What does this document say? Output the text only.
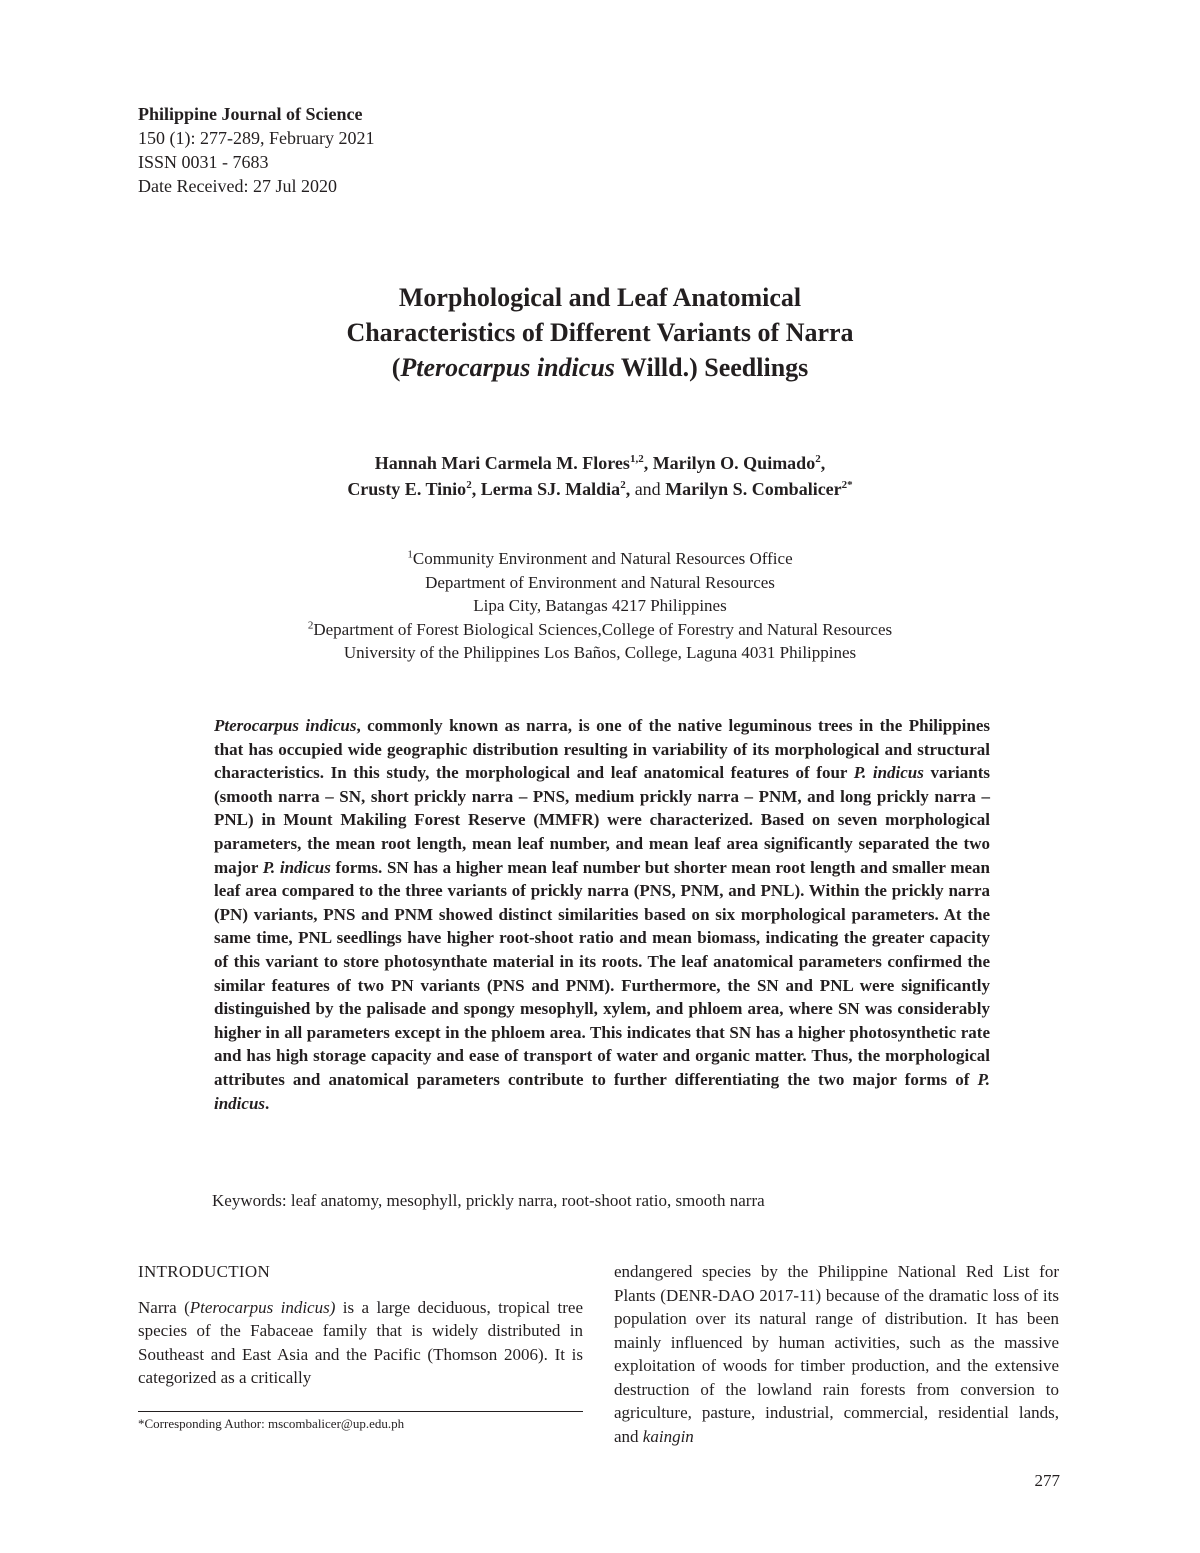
Philippine Journal of Science
150 (1): 277-289, February 2021
ISSN 0031 - 7683
Date Received: 27 Jul 2020
Morphological and Leaf Anatomical
Characteristics of Different Variants of Narra
(Pterocarpus indicus Willd.) Seedlings
Hannah Mari Carmela M. Flores$^{1,2}$, Marilyn O. Quimado$^2$,
Crusty E. Tinio$^2$, Lerma SJ. Maldia$^2$, and Marilyn S. Combalicer$^{2*}$
$^1$Community Environment and Natural Resources Office
Department of Environment and Natural Resources
Lipa City, Batangas 4217 Philippines
$^2$Department of Forest Biological Sciences,College of Forestry and Natural Resources
University of the Philippines Los Baños, College, Laguna 4031 Philippines
Pterocarpus indicus, commonly known as narra, is one of the native leguminous trees in the Philippines that has occupied wide geographic distribution resulting in variability of its morphological and structural characteristics. In this study, the morphological and leaf anatomical features of four P. indicus variants (smooth narra – SN, short prickly narra – PNS, medium prickly narra – PNM, and long prickly narra – PNL) in Mount Makiling Forest Reserve (MMFR) were characterized. Based on seven morphological parameters, the mean root length, mean leaf number, and mean leaf area significantly separated the two major P. indicus forms. SN has a higher mean leaf number but shorter mean root length and smaller mean leaf area compared to the three variants of prickly narra (PNS, PNM, and PNL). Within the prickly narra (PN) variants, PNS and PNM showed distinct similarities based on six morphological parameters. At the same time, PNL seedlings have higher root-shoot ratio and mean biomass, indicating the greater capacity of this variant to store photosynthate material in its roots. The leaf anatomical parameters confirmed the similar features of two PN variants (PNS and PNM). Furthermore, the SN and PNL were significantly distinguished by the palisade and spongy mesophyll, xylem, and phloem area, where SN was considerably higher in all parameters except in the phloem area. This indicates that SN has a higher photosynthetic rate and has high storage capacity and ease of transport of water and organic matter. Thus, the morphological attributes and anatomical parameters contribute to further differentiating the two major forms of P. indicus.
Keywords: leaf anatomy, mesophyll, prickly narra, root-shoot ratio, smooth narra
INTRODUCTION

Narra (Pterocarpus indicus) is a large deciduous, tropical tree species of the Fabaceae family that is widely distributed in Southeast and East Asia and the Pacific (Thomson 2006). It is categorized as a critically

endangered species by the Philippine National Red List for Plants (DENR-DAO 2017-11) because of the dramatic loss of its population over its natural range of distribution. It has been mainly influenced by human activities, such as the massive exploitation of woods for timber production, and the extensive destruction of the lowland rain forests from conversion to agriculture, pasture, industrial, commercial, residential lands, and kaingin
*Corresponding Author: mscombalicer@up.edu.ph
277
